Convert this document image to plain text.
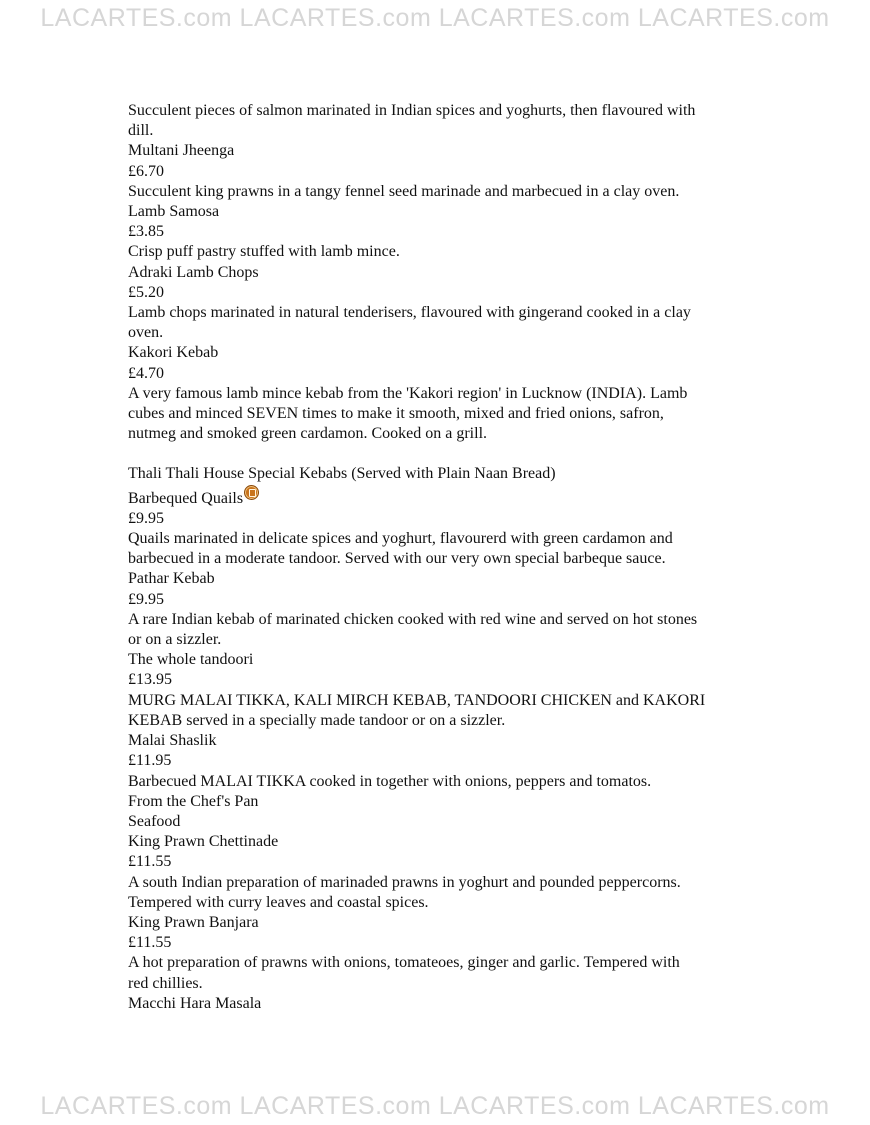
LACARTES.com LACARTES.com LACARTES.com LACARTES.com
Succulent pieces of salmon marinated in Indian spices and yoghurts, then flavoured with
dill.
Multani Jheenga
£6.70
Succulent king prawns in a tangy fennel seed marinade and marbecued in a clay oven.
Lamb Samosa
£3.85
Crisp puff pastry stuffed with lamb mince.
Adraki Lamb Chops
£5.20
Lamb chops marinated in natural tenderisers, flavoured with gingerand cooked in a clay
oven.
Kakori Kebab
£4.70
A very famous lamb mince kebab from the 'Kakori region' in Lucknow (INDIA). Lamb
cubes and minced SEVEN times to make it smooth, mixed and fried onions, safron,
nutmeg and smoked green cardamon. Cooked on a grill.
Thali Thali House Special Kebabs (Served with Plain Naan Bread)
Barbequed Quails
£9.95
Quails marinated in delicate spices and yoghurt, flavourerd with green cardamon and
barbecued in a moderate tandoor. Served with our very own special barbeque sauce.
Pathar Kebab
£9.95
A rare Indian kebab of marinated chicken cooked with red wine and served on hot stones
or on a sizzler.
The whole tandoori
£13.95
MURG MALAI TIKKA, KALI MIRCH KEBAB, TANDOORI CHICKEN and KAKORI
KEBAB served in a specially made tandoor or on a sizzler.
Malai Shaslik
£11.95
Barbecued MALAI TIKKA cooked in together with onions, peppers and tomatos.
From the Chef's Pan
Seafood
King Prawn Chettinade
£11.55
A south Indian preparation of marinaded prawns in yoghurt and pounded peppercorns.
Tempered with curry leaves and coastal spices.
King Prawn Banjara
£11.55
A hot preparation of prawns with onions, tomateoes, ginger and garlic. Tempered with
red chillies.
Macchi Hara Masala
LACARTES.com LACARTES.com LACARTES.com LACARTES.com
